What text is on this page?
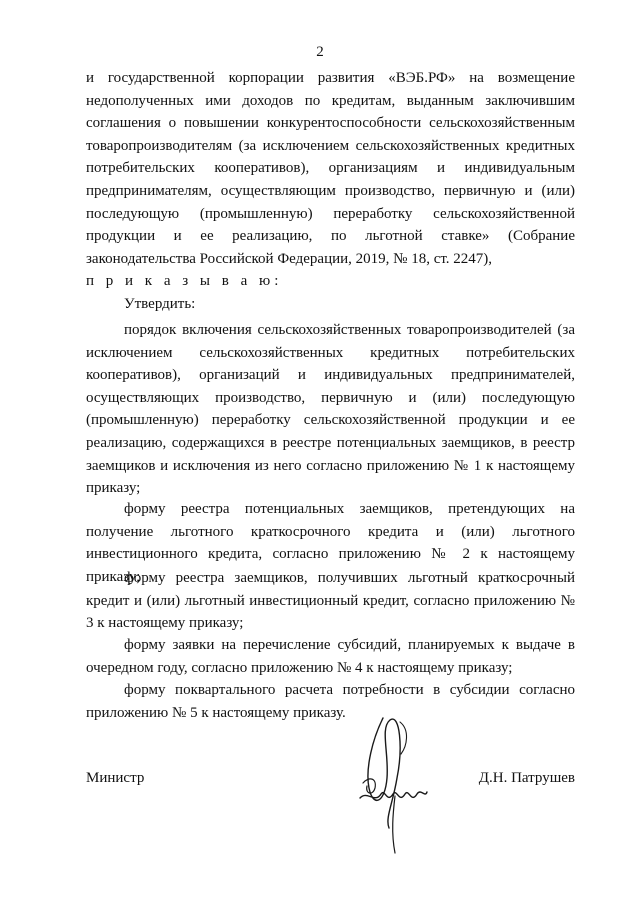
2

и государственной корпорации развития «ВЭБ.РФ» на возмещение недополученных ими доходов по кредитам, выданным заключившим соглашения о повышении конкурентоспособности сельскохозяйственным товаропроизводителям (за исключением сельскохозяйственных кредитных потребительских кооперативов), организациям и индивидуальным предпринимателям, осуществляющим производство, первичную и (или) последующую (промышленную) переработку сельскохозяйственной продукции и ее реализацию, по льготной ставке» (Собрание законодательства Российской Федерации, 2019, № 18, ст. 2247),

п р и к а з ы в а ю:

Утвердить:

порядок включения сельскохозяйственных товаропроизводителей (за исключением сельскохозяйственных кредитных потребительских кооперативов), организаций и индивидуальных предпринимателей, осуществляющих производство, первичную и (или) последующую (промышленную) переработку сельскохозяйственной продукции и ее реализацию, содержащихся в реестре потенциальных заемщиков, в реестр заемщиков и исключения из него согласно приложению № 1 к настоящему приказу;

форму реестра потенциальных заемщиков, претендующих на получение льготного краткосрочного кредита и (или) льготного инвестиционного кредита, согласно приложению № 2 к настоящему приказу;

форму реестра заемщиков, получивших льготный краткосрочный кредит и (или) льготный инвестиционный кредит, согласно приложению № 3 к настоящему приказу;

форму заявки на перечисление субсидий, планируемых к выдаче в очередном году, согласно приложению № 4 к настоящему приказу;

форму поквартального расчета потребности в субсидии согласно приложению № 5 к настоящему приказу.

Министр	Д.Н. Патрушев
